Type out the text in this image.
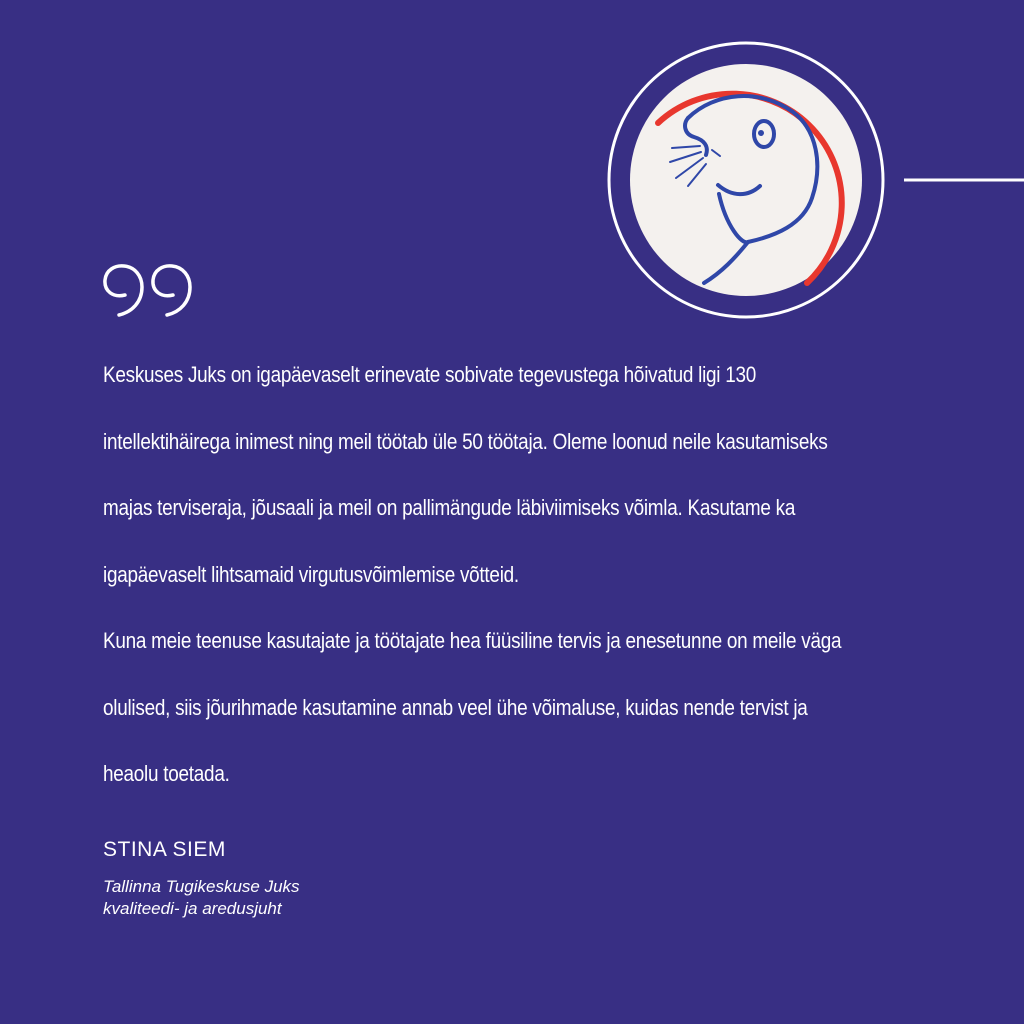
Keskuses Juks on igapäevaselt erinevate sobivate tegevustega hõivatud ligi 130 intellektihäirega inimest ning meil töötab üle 50 töötaja. Oleme loonud neile kasutamiseks majas terviseraja, jõusaali ja meil on pallimängude läbiviimiseks võimla. Kasutame ka igapäevaselt lihtsamaid virgutusvõimlemise võtteid.

Kuna meie teenuse kasutajate ja töötajate hea füüsiline tervis ja enesetunne on meile väga olulised, siis jõurihmade kasutamine annab veel ühe võimaluse, kuidas nende tervist ja heaolu toetada.

STINA SIEM
Tallinna Tugikeskuse Juks
kvaliteedi- ja aredusjuht
